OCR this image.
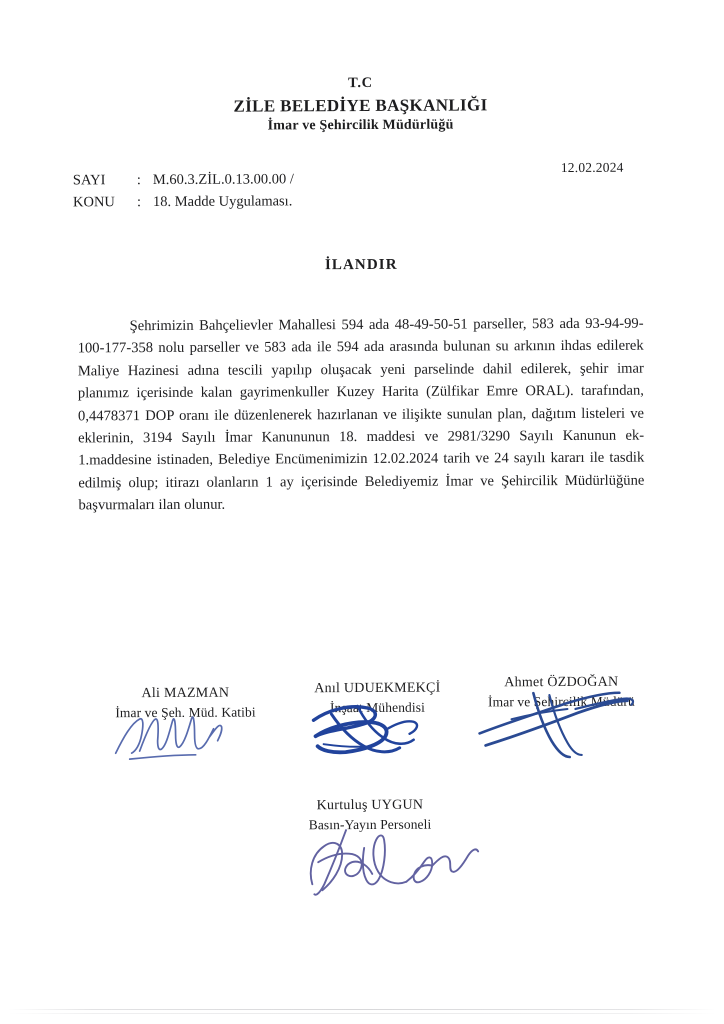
T.C
ZİLE BELEDİYE BAŞKANLIĞI
İmar ve Şehircilik Müdürlüğü
SAYI	: M.60.3.ZİL.0.13.00.00 /
KONU	: 18. Madde Uygulaması.
12.02.2024
İLANDIR
Şehrimizin Bahçelievler Mahallesi 594 ada 48-49-50-51 parseller, 583 ada 93-94-99-100-177-358 nolu parseller ve 583 ada ile 594 ada arasında bulunan su arkının ihdas edilerek Maliye Hazinesi adına tescili yapılıp oluşacak yeni parselinde dahil edilerek, şehir imar planımız içerisinde kalan gayrimenkuller Kuzey Harita (Zülfikar Emre ORAL). tarafından, 0,4478371 DOP oranı ile düzenlenerek hazırlanan ve ilişikte sunulan plan, dağıtım listeleri ve eklerinin, 3194 Sayılı İmar Kanununun 18. maddesi ve 2981/3290 Sayılı Kanunun ek-1.maddesine istinaden, Belediye Encümenimizin 12.02.2024 tarih ve 24 sayılı kararı ile tasdik edilmiş olup; itirazı olanların 1 ay içerisinde Belediyemiz İmar ve Şehircilik Müdürlüğüne başvurmaları ilan olunur.
Ali MAZMAN
İmar ve Şeh. Müd. Katibi
Anıl UDUEKMEKÇİ
İnşaat Mühendisi
Ahmet ÖZDOĞAN
İmar ve Şehircilik Müdürü
Kurtuluş UYGUN
Basın-Yayın Personeli
